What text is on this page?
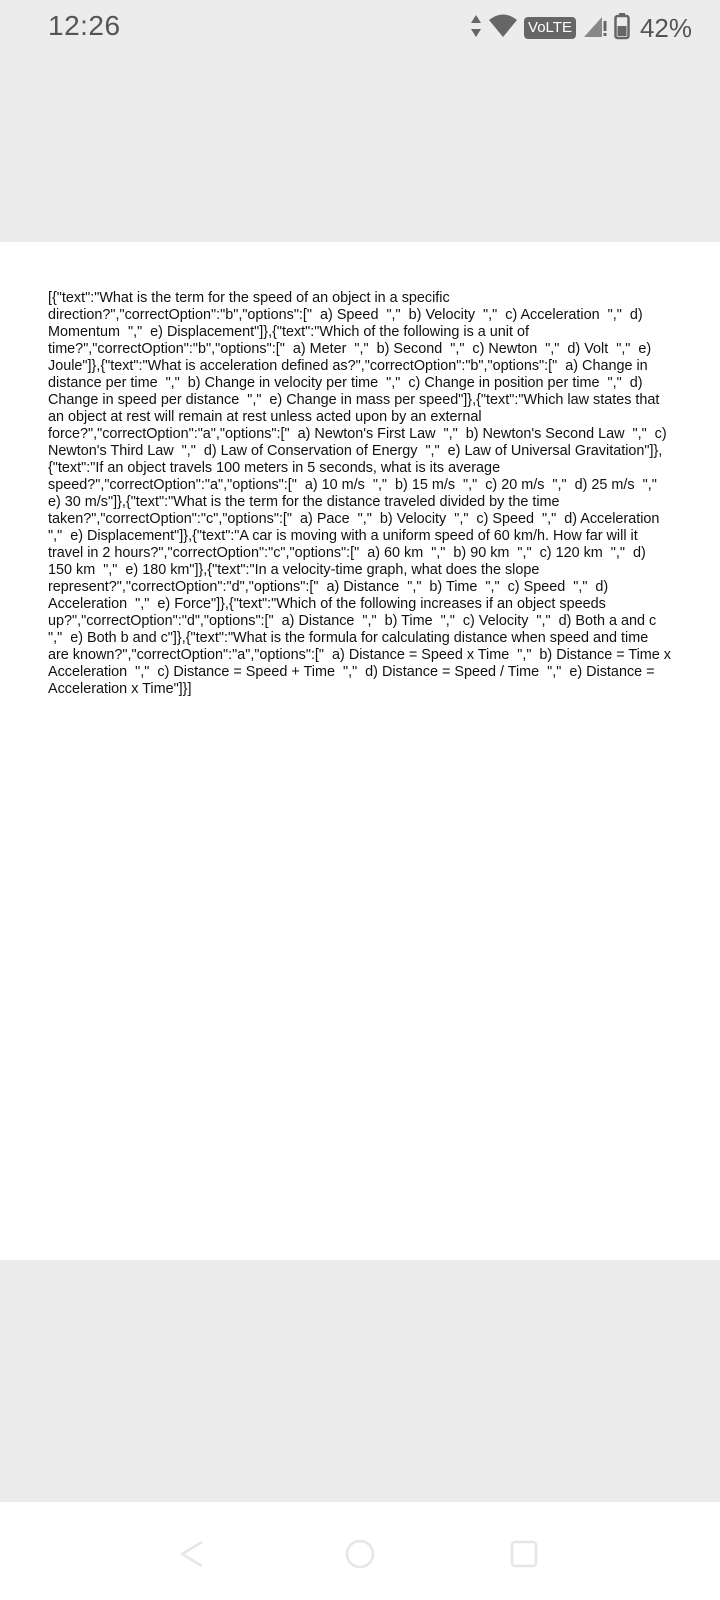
12:26	VoLTE	42%

[{"text":"What is the term for the speed of an object in a specific direction?","correctOption":"b","options":["  a) Speed  ","  b) Velocity  ","  c) Acceleration  ","  d) Momentum  ","  e) Displacement"]},{"text":"Which of the following is a unit of time?","correctOption":"b","options":["  a) Meter  ","  b) Second  ","  c) Newton  ","  d) Volt  ","  e) Joule"]},{"text":"What is acceleration defined as?","correctOption":"b","options":["  a) Change in distance per time  ","  b) Change in velocity per time  ","  c) Change in position per time  ","  d) Change in speed per distance  ","  e) Change in mass per speed"]},{"text":"Which law states that an object at rest will remain at rest unless acted upon by an external force?","correctOption":"a","options":["  a) Newton's First Law  ","  b) Newton's Second Law  ","  c) Newton's Third Law  ","  d) Law of Conservation of Energy  ","  e) Law of Universal Gravitation"]},{"text":"If an object travels 100 meters in 5 seconds, what is its average speed?","correctOption":"a","options":["  a) 10 m/s  ","  b) 15 m/s  ","  c) 20 m/s  ","  d) 25 m/s  ","  e) 30 m/s"]},{"text":"What is the term for the distance traveled divided by the time taken?","correctOption":"c","options":["  a) Pace  ","  b) Velocity  ","  c) Speed  ","  d) Acceleration  ","  e) Displacement"]},{"text":"A car is moving with a uniform speed of 60 km/h. How far will it travel in 2 hours?","correctOption":"c","options":["  a) 60 km  ","  b) 90 km  ","  c) 120 km  ","  d) 150 km  ","  e) 180 km"]},{"text":"In a velocity-time graph, what does the slope represent?","correctOption":"d","options":["  a) Distance  ","  b) Time  ","  c) Speed  ","  d) Acceleration  ","  e) Force"]},{"text":"Which of the following increases if an object speeds up?","correctOption":"d","options":["  a) Distance  ","  b) Time  ","  c) Velocity  ","  d) Both a and c  ","  e) Both b and c"]},{"text":"What is the formula for calculating distance when speed and time are known?","correctOption":"a","options":["  a) Distance = Speed x Time  ","  b) Distance = Time x Acceleration  ","  c) Distance = Speed + Time  ","  d) Distance = Speed / Time  ","  e) Distance = Acceleration x Time"]}]
